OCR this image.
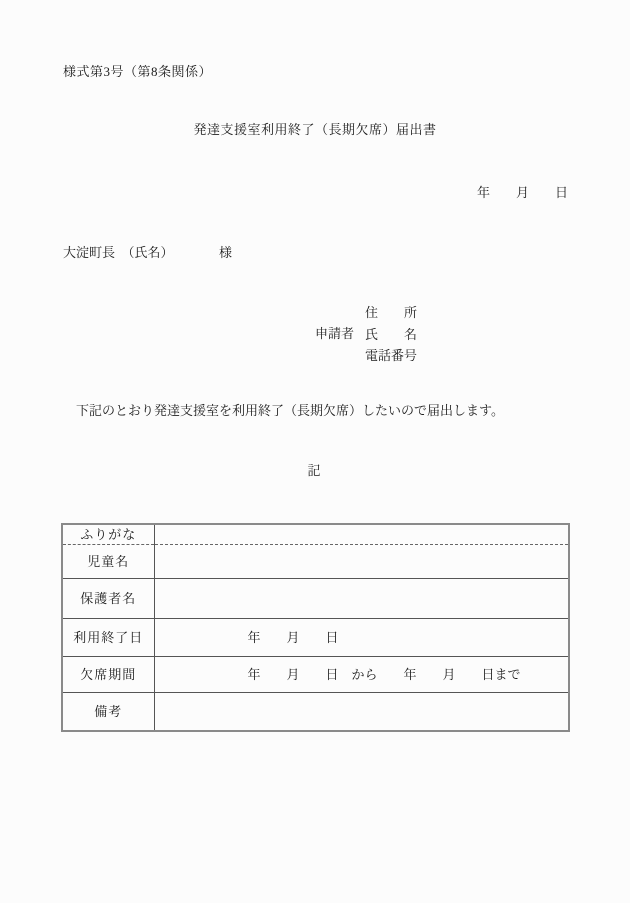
様式第3号（第8条関係）
発達支援室利用終了（長期欠席）届出書
年　　月　　日
大淀町長　（氏名）　　　　様
申請者
住　　所
氏　　名
電話番号
　下記のとおり発達支援室を利用終了（長期欠席）したいので届出します。
記
ふりがな	
児童名	
保護者名	
利用終了日	年　　月　　日
欠席期間	年　　月　　日　から　　年　　月　　日まで
備考	
